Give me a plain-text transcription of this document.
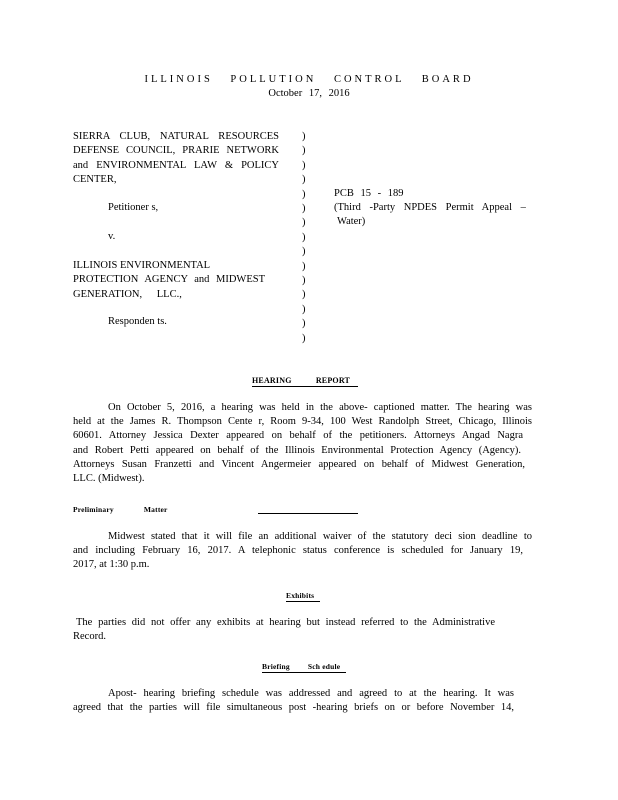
ILLINOIS POLLUTION CONTROL BOARD
October 17, 2016
SIERRA CLUB, NATURAL RESOURCES
DEFENSE COUNCIL, PRARIE NETWORK
and ENVIRONMENTAL LAW & POLICY
CENTER,
Petitioner s,
v.
ILLINOIS ENVIRONMENTAL
PROTECTION AGENCY and MIDWEST
GENERATION, LLC.,
Responden ts.
)
)
)
)
)
)
)
)
)
)
)
)
)
)
)
PCB 15 - 189
(Third -Party NPDES Permit Appeal –
Water)
HEARING REPORT
On October 5, 2016, a hearing was held in the above- captioned matter. The hearing was
held at the James R. Thompson Cente r, Room 9-34, 100 West Randolph Street, Chicago, Illinois
60601. Attorney Jessica Dexter appeared on behalf of the petitioners. Attorneys Angad Nagra
and Robert Petti appeared on behalf of the Illinois Environmental Protection Agency (Agency).
Attorneys Susan Franzetti and Vincent Angermeier appeared on behalf of Midwest Generation,
LLC. (Midwest).
Preliminary	Matter
Midwest stated that it will file an additional waiver of the statutory deci sion deadline to
and including February 16, 2017. A telephonic status conference is scheduled for January 19,
2017, at 1:30 p.m.
Exhibits
The parties did not offer any exhibits at hearing but instead referred to the Administrative
Record.
Briefing Sch edule
Apost- hearing briefing schedule was addressed and agreed to at the hearing. It was
agreed that the parties will file simultaneous post -hearing briefs on or before November 14,
